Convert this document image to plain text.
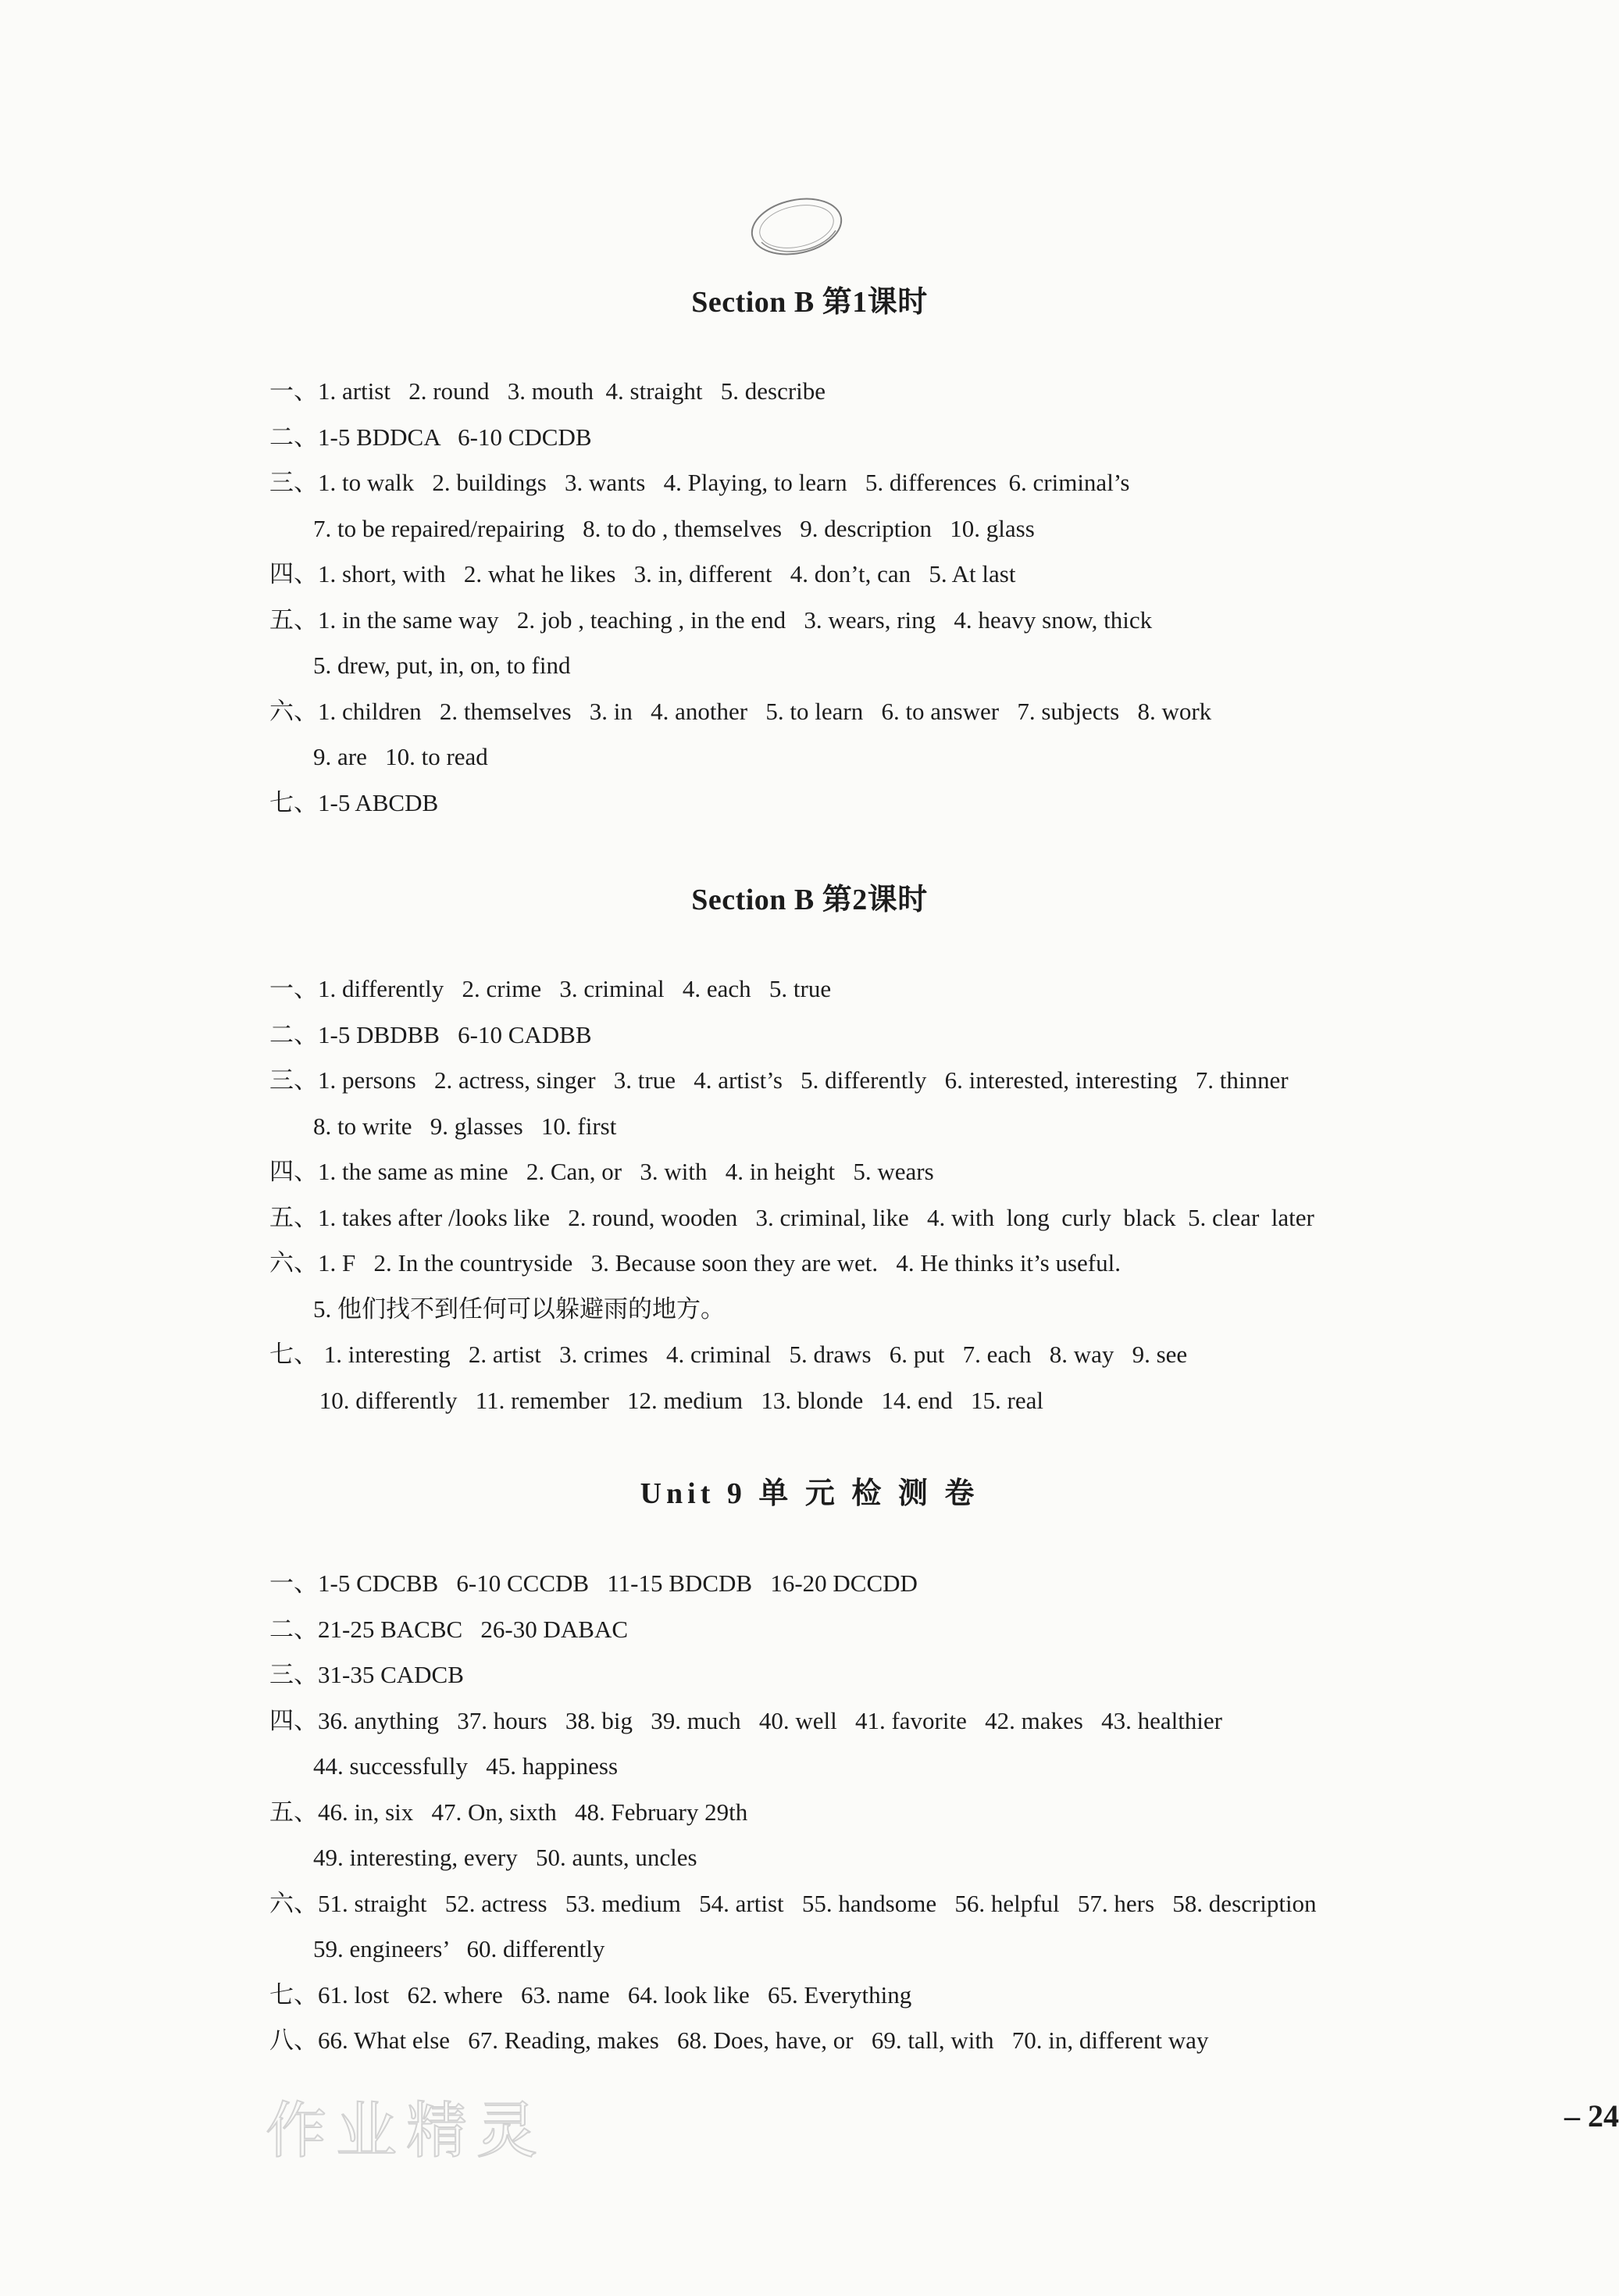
Section B 第1课时
一、1. artist   2. round   3. mouth  4. straight   5. describe
二、1-5 BDDCA   6-10 CDCDB
三、1. to walk   2. buildings   3. wants   4. Playing, to learn   5. differences  6. criminal’s
7. to be repaired/repairing   8. to do , themselves   9. description   10. glass
四、1. short, with   2. what he likes   3. in, different   4. don’t, can   5. At last
五、1. in the same way   2. job , teaching , in the end   3. wears, ring   4. heavy snow, thick
5. drew, put, in, on, to find
六、1. children   2. themselves   3. in   4. another   5. to learn   6. to answer   7. subjects   8. work
9. are   10. to read
七、1-5 ABCDB
Section B 第2课时
一、1. differently   2. crime   3. criminal   4. each   5. true
二、1-5 DBDBB   6-10 CADBB
三、1. persons   2. actress, singer   3. true   4. artist’s   5. differently   6. interested, interesting   7. thinner
8. to write   9. glasses   10. first
四、1. the same as mine   2. Can, or   3. with   4. in height   5. wears
五、1. takes after /looks like   2. round, wooden   3. criminal, like   4. with  long  curly  black  5. clear  later
六、1. F   2. In the countryside   3. Because soon they are wet.   4. He thinks it’s useful.
5. 他们找不到任何可以躲避雨的地方。
七、 1. interesting   2. artist   3. crimes   4. criminal   5. draws   6. put   7. each   8. way   9. see
10. differently   11. remember   12. medium   13. blonde   14. end   15. real
Unit 9 单 元 检 测 卷
一、1-5 CDCBB   6-10 CCCDB   11-15 BDCDB   16-20 DCCDD
二、21-25 BACBC   26-30 DABAC
三、31-35 CADCB
四、36. anything   37. hours   38. big   39. much   40. well   41. favorite   42. makes   43. healthier
44. successfully   45. happiness
五、46. in, six   47. On, sixth   48. February 29th
49. interesting, every   50. aunts, uncles
六、51. straight   52. actress   53. medium   54. artist   55. handsome   56. helpful   57. hers   58. description
59. engineers’   60. differently
七、61. lost   62. where   63. name   64. look like   65. Everything
八、66. What else   67. Reading, makes   68. Does, have, or   69. tall, with   70. in, different way
作业精灵	– 24
